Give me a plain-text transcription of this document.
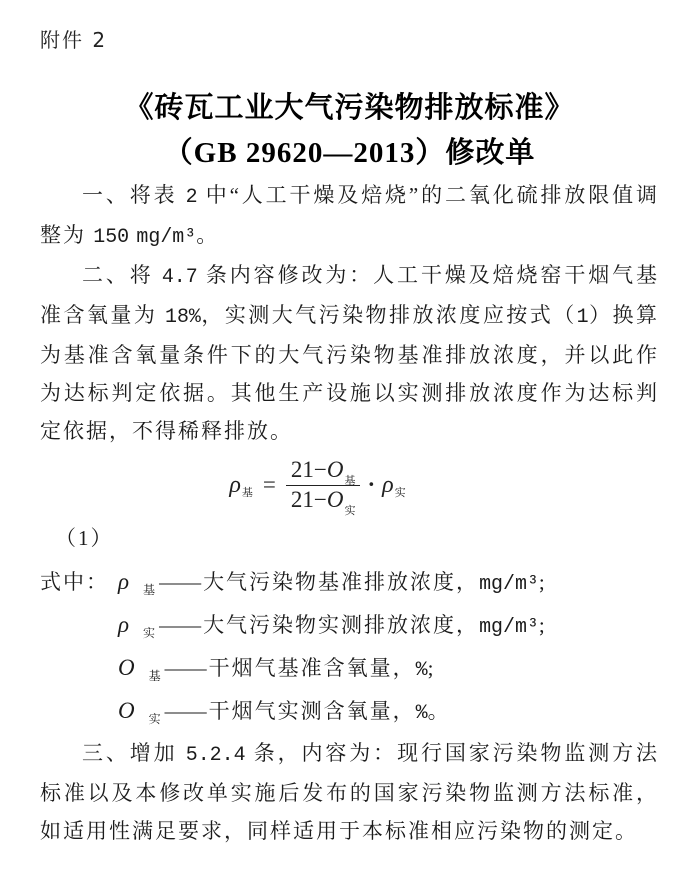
附件 2
《砖瓦工业大气污染物排放标准》
（GB 29620—2013）修改单

一、将表 2 中“人工干燥及焙烧”的二氧化硫排放限值调整为 150 mg/m³。

二、将 4.7 条内容修改为：人工干燥及焙烧窑干烟气基准含氧量为 18%，实测大气污染物排放浓度应按式（1）换算为基准含氧量条件下的大气污染物基准排放浓度，并以此作为达标判定依据。其他生产设施以实测排放浓度作为达标判定依据，不得稀释排放。

ρ 基 = $\frac{21-O_基}{21-O_实} \cdot \rho$ 实
（1）
式中： ρ 基 —— 大气污染物基准排放浓度，mg/m³;
ρ 实 —— 大气污染物实测排放浓度，mg/m³;
O 基 —— 干烟气基准含氧量，%;
O 实 —— 干烟气实测含氧量，%。

三、增加 5.2.4 条，内容为：现行国家污染物监测方法标准以及本修改单实施后发布的国家污染物监测方法标准，如适用性满足要求，同样适用于本标准相应污染物的测定。
